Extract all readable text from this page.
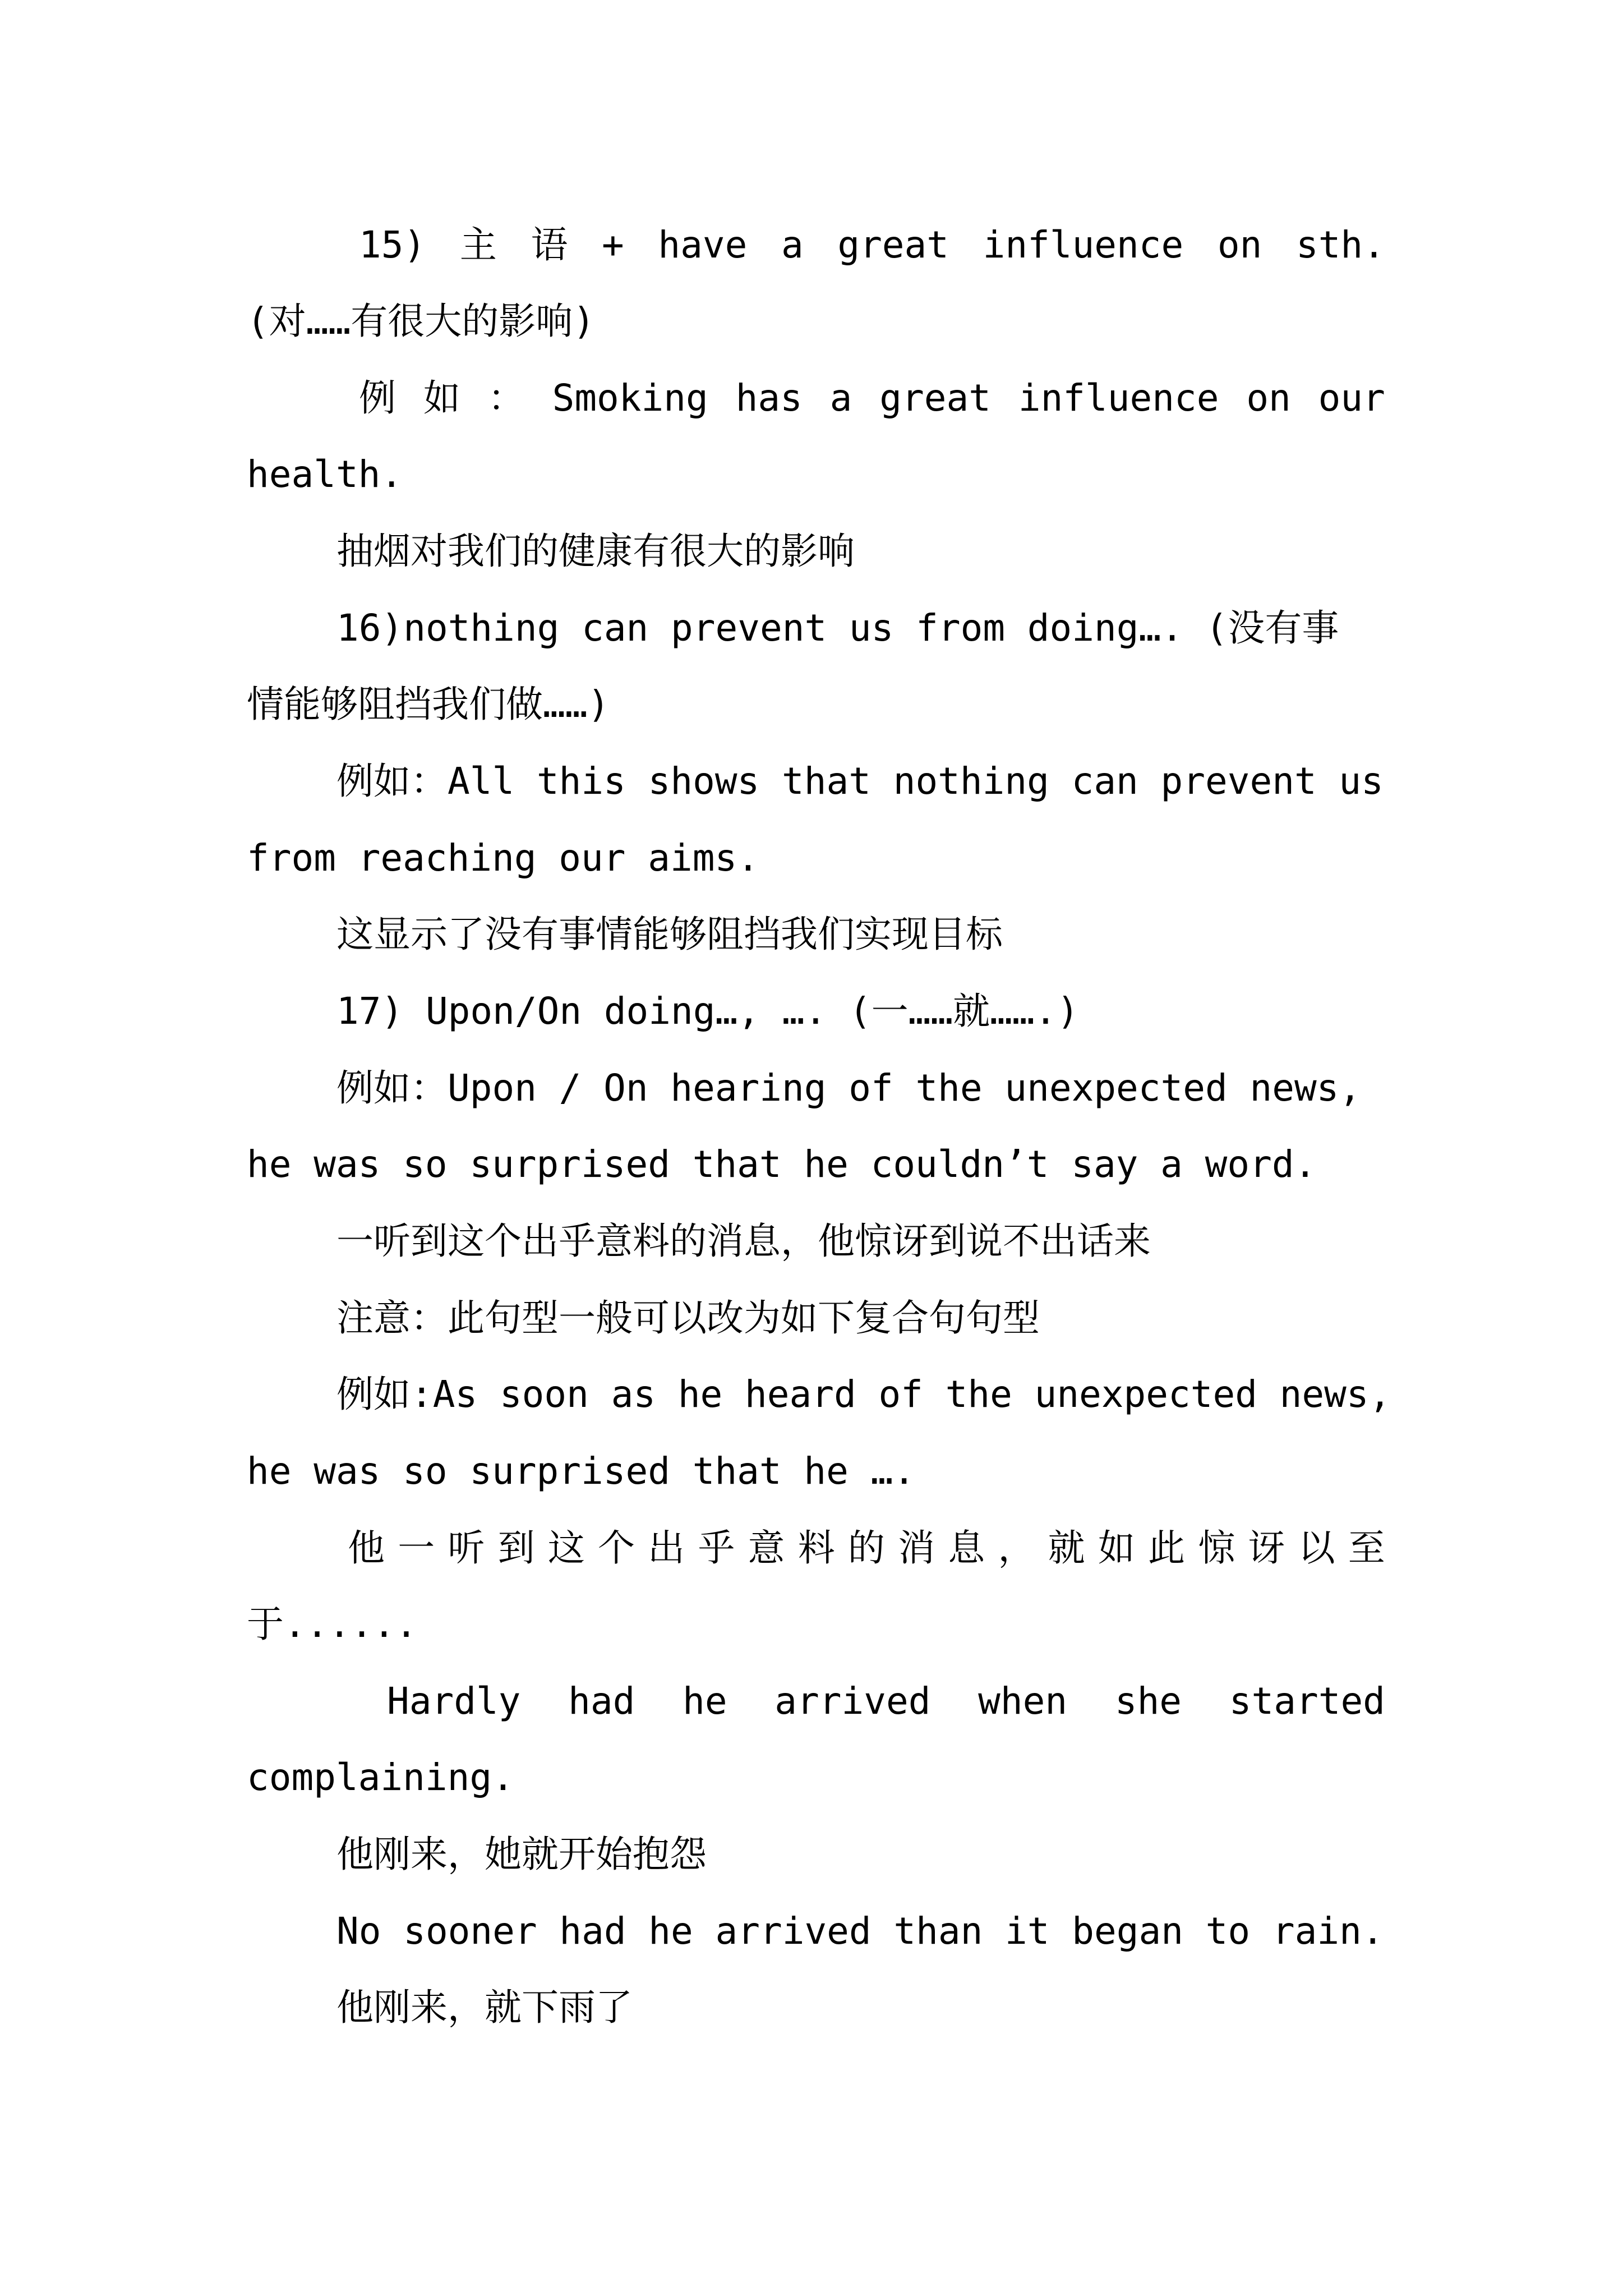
15) 主 语 + have a great influence on sth.
(对……有很大的影响)
例 如 ： Smoking has a great influence on our
health.
抽烟对我们的健康有很大的影响
16)nothing can prevent us from doing…. (没有事
情能够阻挡我们做……)
例如：All this shows that nothing can prevent us
from reaching our aims.
这显示了没有事情能够阻挡我们实现目标
17) Upon/On doing…, …. (一……就…….)
例如：Upon / On hearing of the unexpected news,
he was so surprised that he couldn’t say a word.
一听到这个出乎意料的消息，他惊讶到说不出话来
注意：此句型一般可以改为如下复合句句型
例如:As soon as he heard of the unexpected news,
he was so surprised that he ….
他 一 听 到 这 个 出 乎 意 料 的 消 息 ， 就 如 此 惊 讶 以 至
于......
Hardly had he arrived when she started
complaining.
他刚来，她就开始抱怨
No sooner had he arrived than it began to rain.
他刚来，就下雨了
